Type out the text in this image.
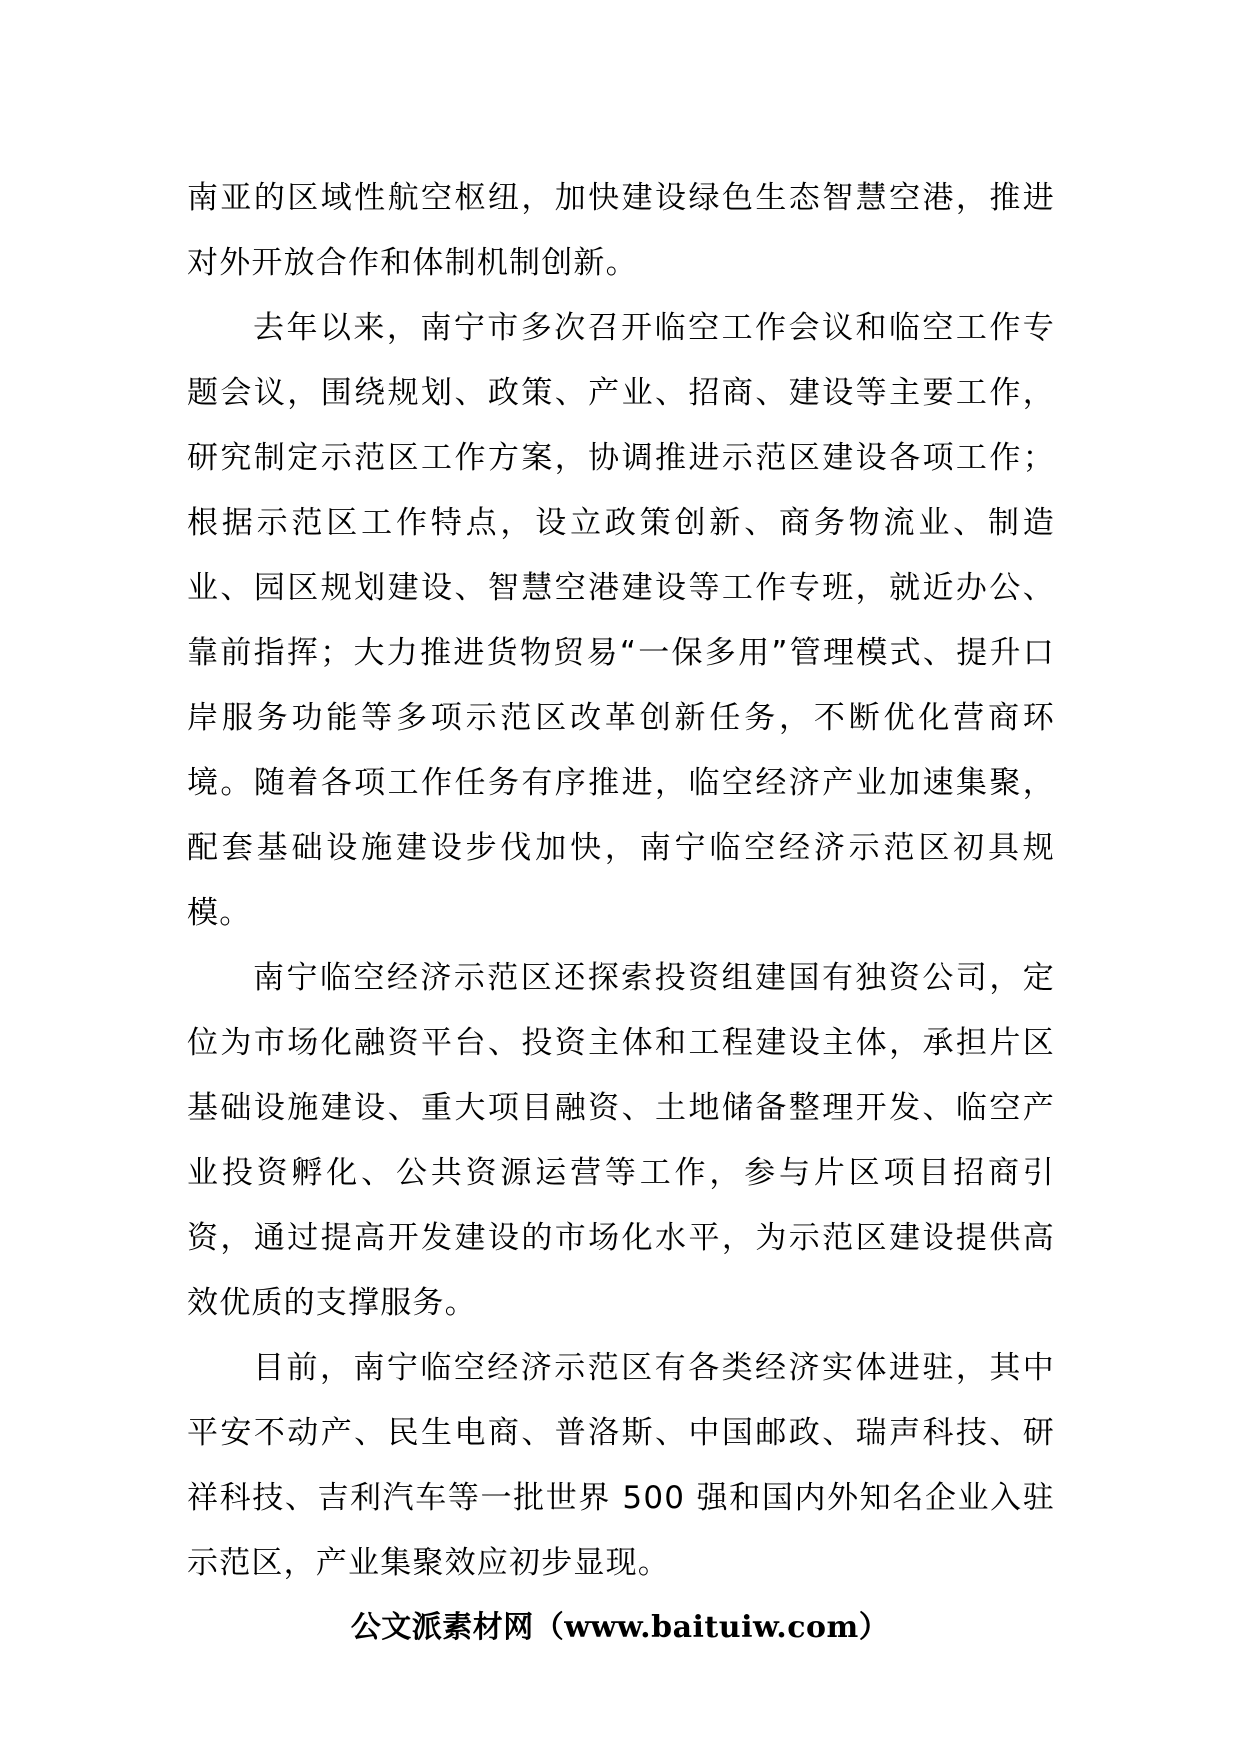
南亚的区域性航空枢纽，加快建设绿色生态智慧空港，推进对外开放合作和体制机制创新。

去年以来，南宁市多次召开临空工作会议和临空工作专题会议，围绕规划、政策、产业、招商、建设等主要工作，研究制定示范区工作方案，协调推进示范区建设各项工作；根据示范区工作特点，设立政策创新、商务物流业、制造业、园区规划建设、智慧空港建设等工作专班，就近办公、靠前指挥；大力推进货物贸易“一保多用”管理模式、提升口岸服务功能等多项示范区改革创新任务，不断优化营商环境。随着各项工作任务有序推进，临空经济产业加速集聚，配套基础设施建设步伐加快，南宁临空经济示范区初具规模。

南宁临空经济示范区还探索投资组建国有独资公司，定位为市场化融资平台、投资主体和工程建设主体，承担片区基础设施建设、重大项目融资、土地储备整理开发、临空产业投资孵化、公共资源运营等工作，参与片区项目招商引资，通过提高开发建设的市场化水平，为示范区建设提供高效优质的支撑服务。

目前，南宁临空经济示范区有各类经济实体进驻，其中平安不动产、民生电商、普洛斯、中国邮政、瑞声科技、研祥科技、吉利汽车等一批世界 500 强和国内外知名企业入驻示范区，产业集聚效应初步显现。

公文派素材网（www.baituiw.com）
